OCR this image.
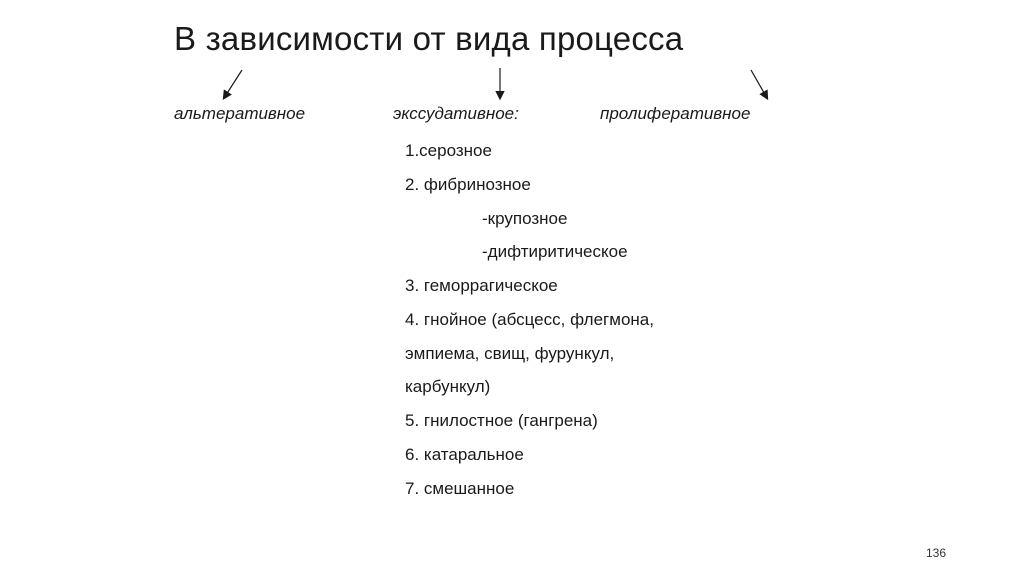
В зависимости от вида процесса
альтеративное	экссудативное:	пролиферативное
1.серозное
2. фибринозное
-крупозное
-дифтиритическое
3. геморрагическое
4. гнойное (абсцесс, флегмона,
эмпиема, свищ, фурункул,
карбункул)
5. гнилостное (гангрена)
6. катаральное
7. смешанное
136
